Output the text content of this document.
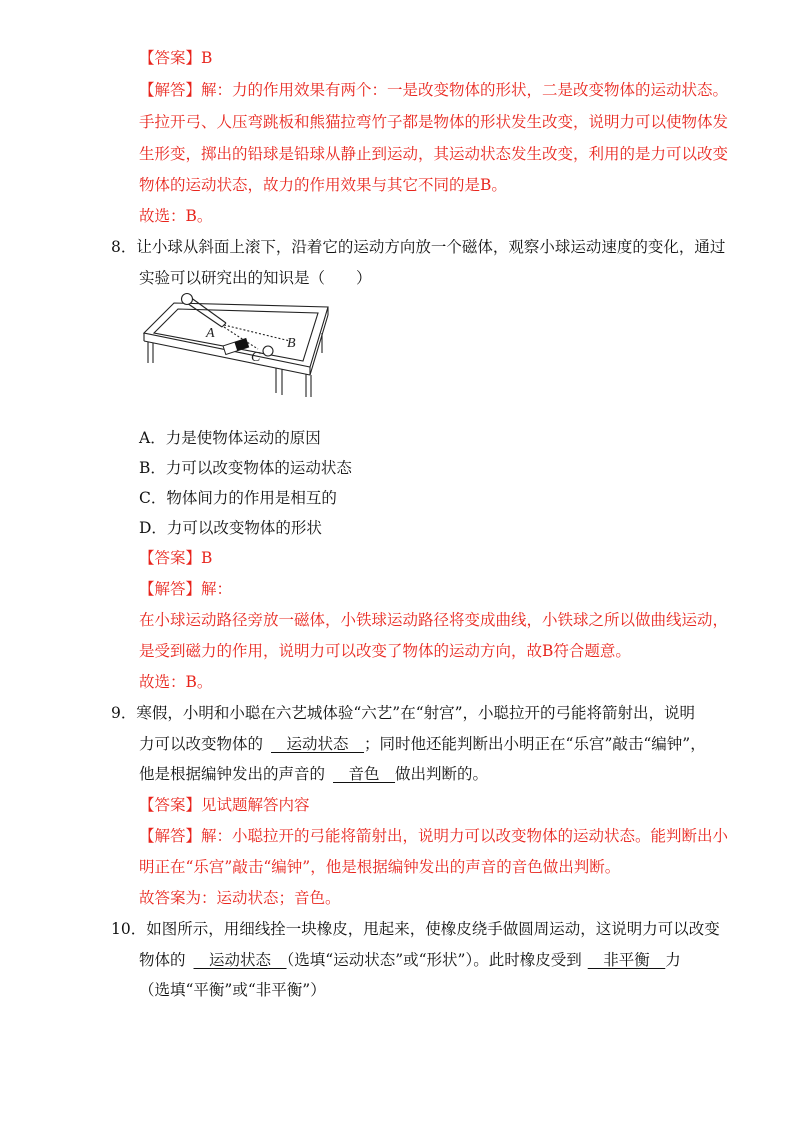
【答案】B
【解答】解：力的作用效果有两个：一是改变物体的形状，二是改变物体的运动状态。
手拉开弓、人压弯跳板和熊猫拉弯竹子都是物体的形状发生改变，说明力可以使物体发
生形变，掷出的铅球是铅球从静止到运动，其运动状态发生改变，利用的是力可以改变
物体的运动状态，故力的作用效果与其它不同的是B。
故选：B。
8．让小球从斜面上滚下，沿着它的运动方向放一个磁体，观察小球运动速度的变化，通过
实验可以研究出的知识是（　　）
A
B
C
A．力是使物体运动的原因
B．力可以改变物体的运动状态
C．物体间力的作用是相互的
D．力可以改变物体的形状
【答案】B
【解答】解：
在小球运动路径旁放一磁体，小铁球运动路径将变成曲线，小铁球之所以做曲线运动，
是受到磁力的作用，说明力可以改变了物体的运动方向，故B符合题意。
故选：B。
9．寒假，小明和小聪在六艺城体验“六艺”在“射宫”，小聪拉开的弓能将箭射出，说明
力可以改变物体的　运动状态　；同时他还能判断出小明正在“乐宫”敲击“编钟”，
他是根据编钟发出的声音的　音色　做出判断的。
【答案】见试题解答内容
【解答】解：小聪拉开的弓能将箭射出，说明力可以改变物体的运动状态。能判断出小
明正在“乐宫”敲击“编钟”，他是根据编钟发出的声音的音色做出判断。
故答案为：运动状态；音色。
10．如图所示，用细线拴一块橡皮，甩起来，使橡皮绕手做圆周运动，这说明力可以改变
物体的　运动状态　（选填“运动状态”或“形状”）。此时橡皮受到　非平衡　力
（选填“平衡”或“非平衡”）
